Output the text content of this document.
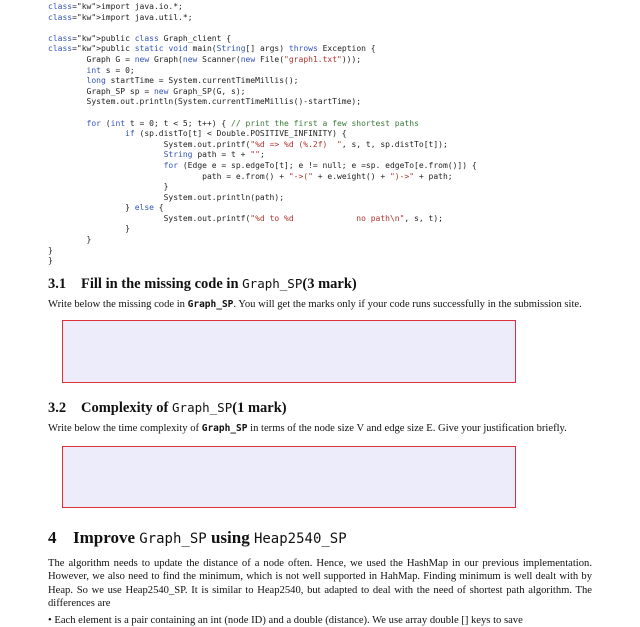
class="kw">import java.io.*;
class="kw">import java.util.*;

class="kw">public class Graph_client {
class="kw">public static void main(String[] args) throws Exception {
Graph G = new Graph(new Scanner(new File("graph1.txt")));
int s = 0;
long startTime = System.currentTimeMillis();
Graph_SP sp = new Graph_SP(G, s);
System.out.println(System.currentTimeMillis()-startTime);

for (int t = 0; t < 5; t++) { // print the first a few shortest paths
if (sp.distTo[t] < Double.POSITIVE_INFINITY) {
System.out.printf("%d => %d (%.2f)  ", s, t, sp.distTo[t]);
String path = t + "";
for (Edge e = sp.edgeTo[t]; e != null; e =sp. edgeTo[e.from()]) {
path = e.from() + "->(" + e.weight() + ")->" + path;
}
System.out.println(path);
} else {
System.out.printf("%d to %d             no path\n", s, t);
}
}
}
}
3.1 Fill in the missing code in Graph_SP(3 mark)

Write below the missing code in Graph_SP. You will get the marks only if your code runs successfully in the submission site.

3.2 Complexity of Graph_SP(1 mark)

Write below the time complexity of Graph_SP in terms of the node size V and edge size E. Give your justification briefly.

4 Improve Graph_SP using Heap2540_SP

The algorithm needs to update the distance of a node often. Hence, we used the HashMap in our previous implementation. However, we also need to find the minimum, which is not well supported in HahMap. Finding minimum is well dealt with by Heap. So we use Heap2540_SP. It is similar to Heap2540, but adapted to deal with the need of shortest path algorithm. The differences are

• Each element is a pair containing an int (node ID) and a double (distance). We use array double [] keys to save
